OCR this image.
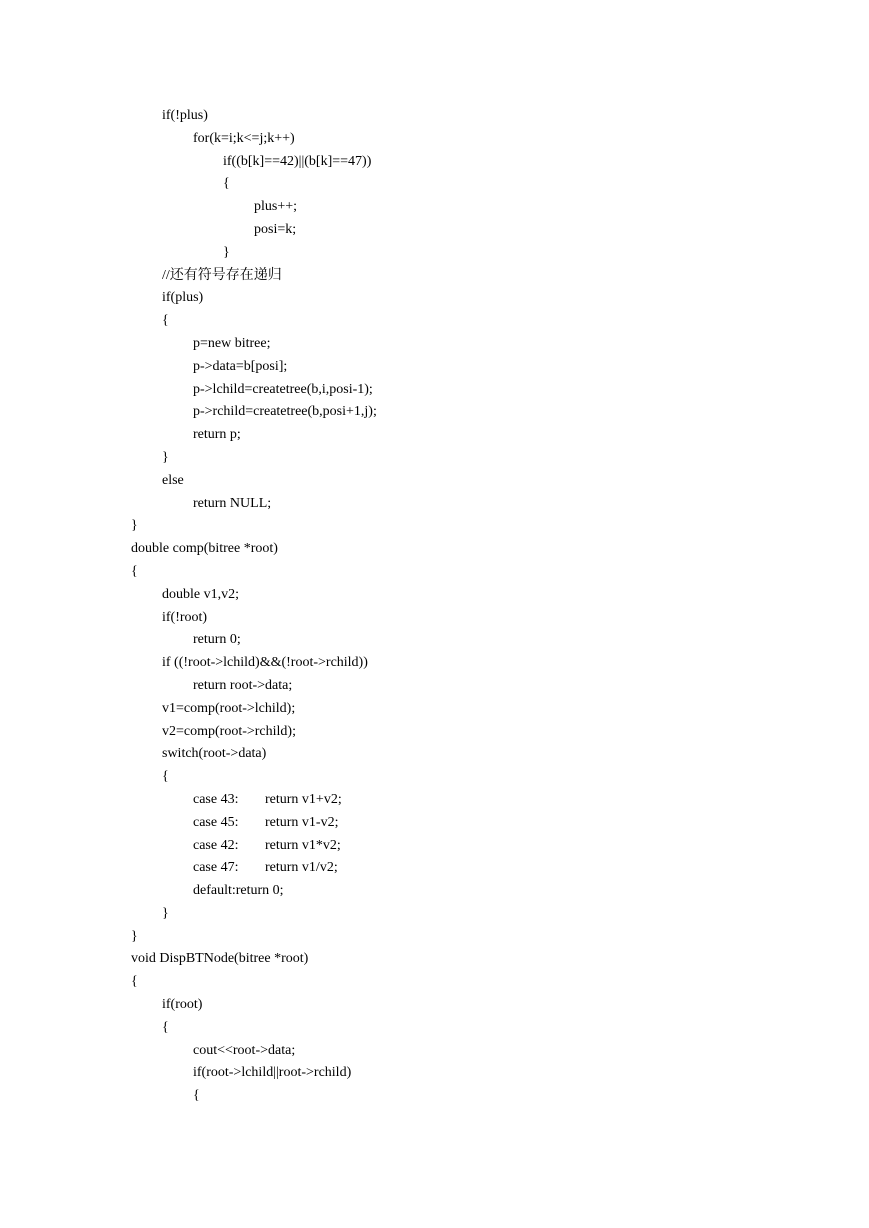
if(!plus)
for(k=i;k<=j;k++)
if((b[k]==42)||(b[k]==47))
{
plus++;
posi=k;
}
//还有符号存在递归
if(plus)
{
p=new bitree;
p->data=b[posi];
p->lchild=createtree(b,i,posi-1);
p->rchild=createtree(b,posi+1,j);
return p;
}
else
return NULL;
}
double comp(bitree *root)
{
double v1,v2;
if(!root)
return 0;
if ((!root->lchild)&&(!root->rchild))
return root->data;
v1=comp(root->lchild);
v2=comp(root->rchild);
switch(root->data)
{
case 43: return v1+v2;
case 45: return v1-v2;
case 42: return v1*v2;
case 47: return v1/v2;
default:return 0;
}
}
void DispBTNode(bitree *root)
{
if(root)
{
cout<<root->data;
if(root->lchild||root->rchild)
{
